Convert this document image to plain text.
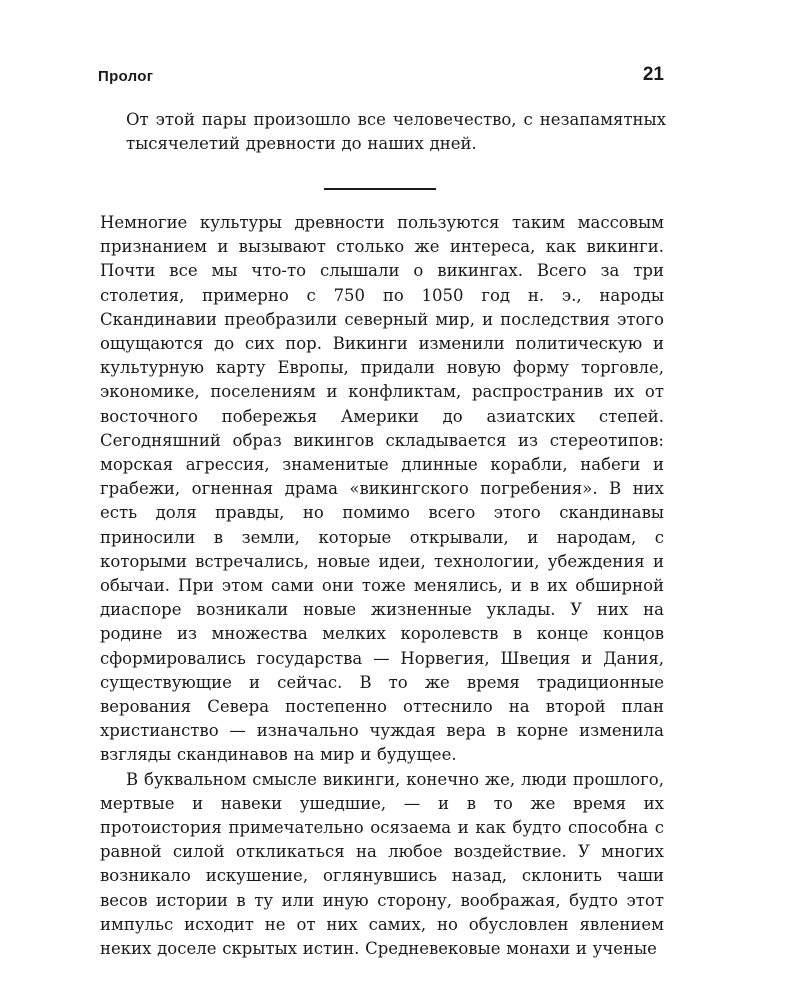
Пролог	21

От этой пары произошло все человечество, с незапамятных тысячелетий древности до наших дней.

Немногие культуры древности пользуются таким массовым признанием и вызывают столько же интереса, как викинги. Почти все мы что-то слышали о викингах. Всего за три столетия, примерно с 750 по 1050 год н. э., народы Скандинавии преобразили северный мир, и последствия этого ощущаются до сих пор. Викинги изменили политическую и культурную карту Европы, придали новую форму торговле, экономике, поселениям и конфликтам, распространив их от восточного побережья Америки до азиатских степей. Сегодняшний образ викингов складывается из стереотипов: морская агрессия, знаменитые длинные корабли, набеги и грабежи, огненная драма «викингского погребения». В них есть доля правды, но помимо всего этого скандинавы приносили в земли, которые открывали, и народам, с которыми встречались, новые идеи, технологии, убеждения и обычаи. При этом сами они тоже менялись, и в их обширной диаспоре возникали новые жизненные уклады. У них на родине из множества мелких королевств в конце концов сформировались государства — Норвегия, Швеция и Дания, существующие и сейчас. В то же время традиционные верования Севера постепенно оттеснило на второй план христианство — изначально чуждая вера в корне изменила взгляды скандинавов на мир и будущее.

В буквальном смысле викинги, конечно же, люди прошлого, мертвые и навеки ушедшие, — и в то же время их протоистория примечательно осязаема и как будто способна с равной силой откликаться на любое воздействие. У многих возникало искушение, оглянувшись назад, склонить чаши весов истории в ту или иную сторону, воображая, будто этот импульс исходит не от них самих, но обусловлен явлением неких доселе скрытых истин. Средневековые монахи и ученые
